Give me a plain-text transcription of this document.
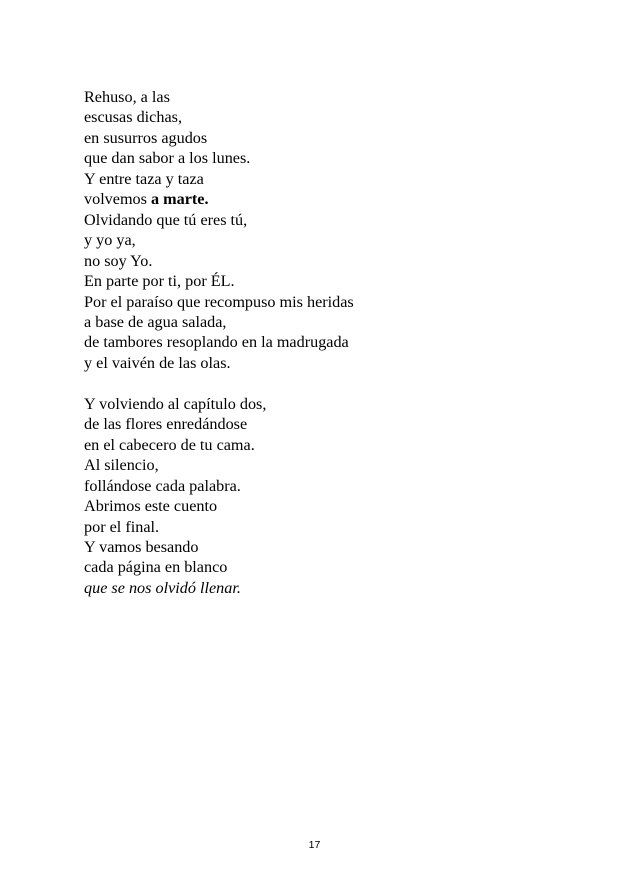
Rehuso, a las
escusas dichas,
en susurros agudos
que dan sabor a los lunes.
Y entre taza y taza
volvemos a marte.
Olvidando que tú eres tú,
y yo ya,
no soy Yo.
En parte por ti, por ÉL.
Por el paraíso que recompuso mis heridas
a base de agua salada,
de tambores resoplando en la madrugada
y el vaivén de las olas.

Y volviendo al capítulo dos,
de las flores enredándose
en el cabecero de tu cama.
Al silencio,
follándose cada palabra.
Abrimos este cuento
por el final.
Y vamos besando
cada página en blanco
que se nos olvidó llenar.

17
